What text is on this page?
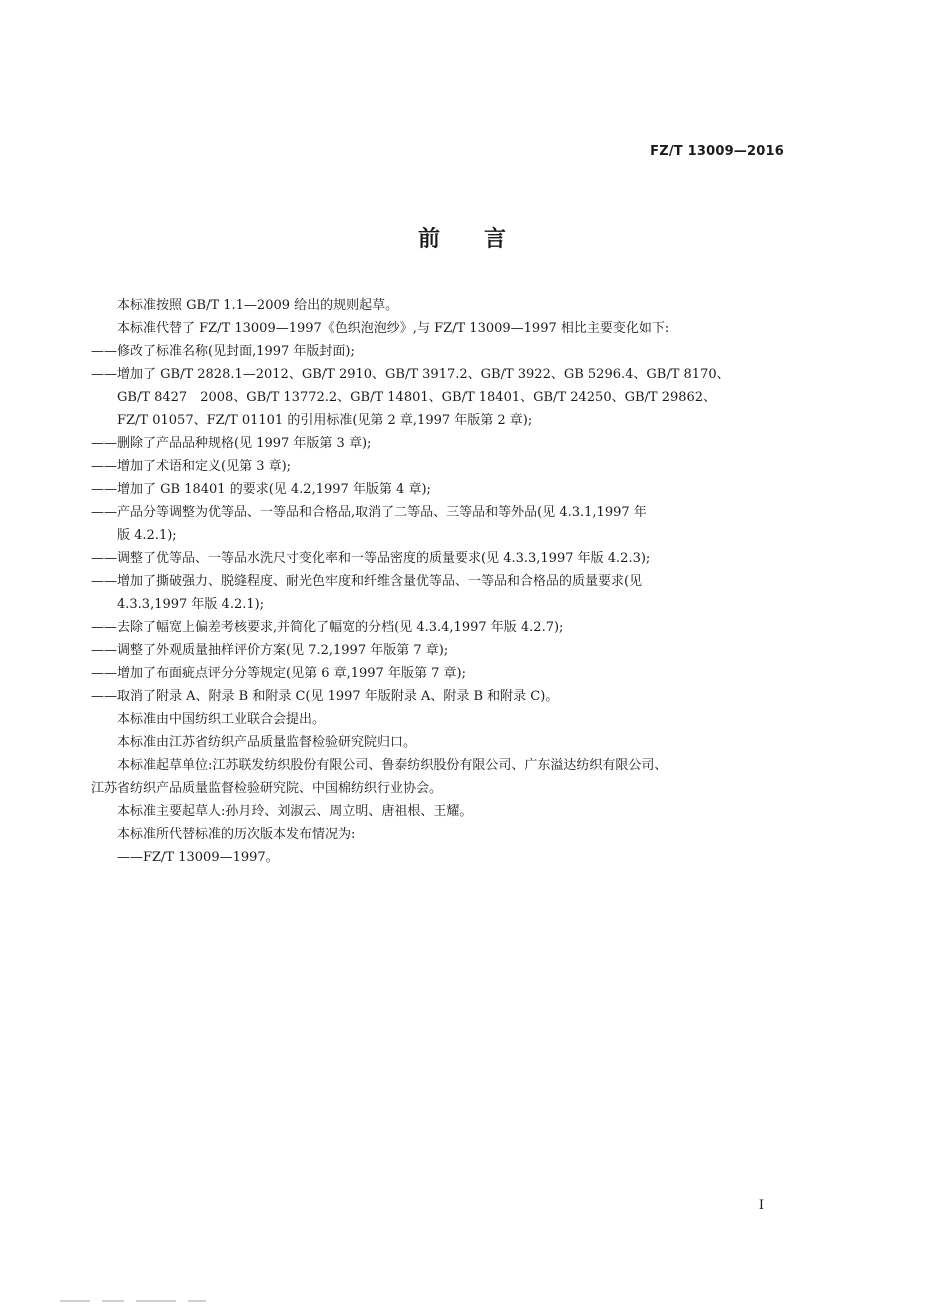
FZ/T 13009—2016
前言
本标准按照 GB/T 1.1—2009 给出的规则起草。
本标准代替了 FZ/T 13009—1997《色织泡泡纱》,与 FZ/T 13009—1997 相比主要变化如下:
——修改了标准名称(见封面,1997 年版封面);
——增加了 GB/T 2828.1—2012、GB/T 2910、GB/T 3917.2、GB/T 3922、GB 5296.4、GB/T 8170、
GB/T 8427　2008、GB/T 13772.2、GB/T 14801、GB/T 18401、GB/T 24250、GB/T 29862、
FZ/T 01057、FZ/T 01101 的引用标准(见第 2 章,1997 年版第 2 章);
——删除了产品品种规格(见 1997 年版第 3 章);
——增加了术语和定义(见第 3 章);
——增加了 GB 18401 的要求(见 4.2,1997 年版第 4 章);
——产品分等调整为优等品、一等品和合格品,取消了二等品、三等品和等外品(见 4.3.1,1997 年
版 4.2.1);
——调整了优等品、一等品水洗尺寸变化率和一等品密度的质量要求(见 4.3.3,1997 年版 4.2.3);
——增加了撕破强力、脱缝程度、耐光色牢度和纤维含量优等品、一等品和合格品的质量要求(见
4.3.3,1997 年版 4.2.1);
——去除了幅宽上偏差考核要求,并简化了幅宽的分档(见 4.3.4,1997 年版 4.2.7);
——调整了外观质量抽样评价方案(见 7.2,1997 年版第 7 章);
——增加了布面疵点评分分等规定(见第 6 章,1997 年版第 7 章);
——取消了附录 A、附录 B 和附录 C(见 1997 年版附录 A、附录 B 和附录 C)。
本标准由中国纺织工业联合会提出。
本标准由江苏省纺织产品质量监督检验研究院归口。
本标准起草单位:江苏联发纺织股份有限公司、鲁泰纺织股份有限公司、广东溢达纺织有限公司、
江苏省纺织产品质量监督检验研究院、中国棉纺织行业协会。
本标准主要起草人:孙月玲、刘淑云、周立明、唐祖根、王耀。
本标准所代替标准的历次版本发布情况为:
——FZ/T 13009—1997。
I
